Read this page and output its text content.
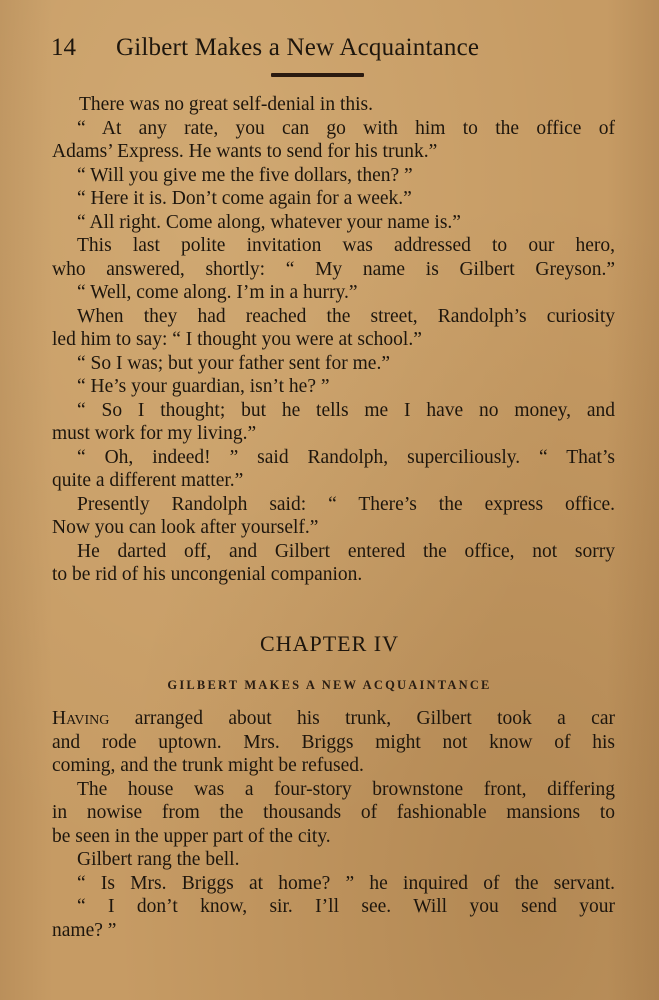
14 Gilbert Makes a New Acquaintance
There was no great self-denial in this.
“ At any rate, you can go with him to the office of
Adams’ Express. He wants to send for his trunk.”
“ Will you give me the five dollars, then? ”
“ Here it is. Don’t come again for a week.”
“ All right. Come along, whatever your name is.”
This last polite invitation was addressed to our hero,
who answered, shortly: “ My name is Gilbert Greyson.”
“ Well, come along. I’m in a hurry.”
When they had reached the street, Randolph’s curiosity
led him to say: “ I thought you were at school.”
“ So I was; but your father sent for me.”
“ He’s your guardian, isn’t he? ”
“ So I thought; but he tells me I have no money, and
must work for my living.”
“ Oh, indeed! ” said Randolph, superciliously. “ That’s
quite a different matter.”
Presently Randolph said: “ There’s the express office.
Now you can look after yourself.”
He darted off, and Gilbert entered the office, not sorry
to be rid of his uncongenial companion.
CHAPTER IV
GILBERT MAKES A NEW ACQUAINTANCE
Having arranged about his trunk, Gilbert took a car
and rode uptown. Mrs. Briggs might not know of his
coming, and the trunk might be refused.
The house was a four-story brownstone front, differing
in nowise from the thousands of fashionable mansions to
be seen in the upper part of the city.
Gilbert rang the bell.
“ Is Mrs. Briggs at home? ” he inquired of the servant.
“ I don’t know, sir. I’ll see. Will you send your
name? ”
